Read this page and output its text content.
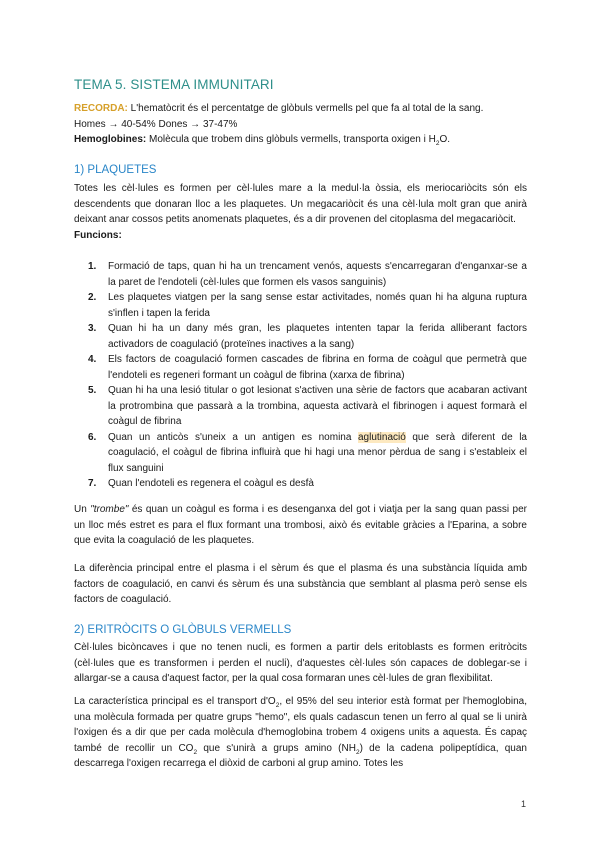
TEMA 5. SISTEMA IMMUNITARI
RECORDA: L'hematòcrit és el percentatge de glòbuls vermells pel que fa al total de la sang.
Homes → 40-54% Dones → 37-47%
Hemoglobines: Molècula que trobem dins glòbuls vermells, transporta oxigen i $H_2O$.
1) PLAQUETES
Totes les cèl·lules es formen per cèl·lules mare a la medul·la òssia, els meriocariòcits són els descendents que donaran lloc a les plaquetes. Un megacariòcit és una cèl·lula molt gran que anirà deixant anar cossos petits anomenats plaquetes, és a dir provenen del citoplasma del megacariòcit.
Funcions:
1. Formació de taps, quan hi ha un trencament venós, aquests s'encarregaran d'enganxar-se a la paret de l'endoteli (cèl·lules que formen els vasos sanguinis)
2. Les plaquetes viatgen per la sang sense estar activitades, només quan hi ha alguna ruptura s'inflen i tapen la ferida
3. Quan hi ha un dany més gran, les plaquetes intenten tapar la ferida alliberant factors activadors de coagulació (proteïnes inactives a la sang)
4. Els factors de coagulació formen cascades de fibrina en forma de coàgul que permetrà que l'endoteli es regeneri formant un coàgul de fibrina (xarxa de fibrina)
5. Quan hi ha una lesió titular o got lesionat s'activen una sèrie de factors que acabaran activant la protrombina que passarà a la trombina, aquesta activarà el fibrinogen i aquest formarà el coàgul de fibrina
6. Quan un anticòs s'uneix a un antigen es nomina aglutinació que serà diferent de la coagulació, el coàgul de fibrina influirà que hi hagi una menor pèrdua de sang i s'estableix el flux sanguini
7. Quan l'endoteli es regenera el coàgul es desfà
Un "trombe" és quan un coàgul es forma i es desenganxa del got i viatja per la sang quan passi per un lloc més estret es para el flux formant una trombosi, això és evitable gràcies a l'Eparina, a sobre que evita la coagulació de les plaquetes.
La diferència principal entre el plasma i el sèrum és que el plasma és una substància líquida amb factors de coagulació, en canvi és sèrum és una substància que semblant al plasma però sense els factors de coagulació.
2) ERITRÒCITS O GLÒBULS VERMELLS
Cèl·lules bicòncaves i que no tenen nucli, es formen a partir dels eritoblasts es formen eritròcits (cèl·lules que es transformen i perden el nucli), d'aquestes cèl·lules són capaces de doblegar-se i allargar-se a causa d'aquest factor, per la qual cosa formaran unes cèl·lules de gran flexibilitat.
La característica principal es el transport $d'O_2$, el 95% del seu interior està format per l'hemoglobina, una molècula formada per quatre grups "hemo", els quals cadascun tenen un ferro al qual se li unirà l'oxigen és a dir que per cada molècula d'hemoglobina trobem 4 oxigens units a aquesta. És capaç també de recollir un $CO_2$ que s'unirà a grups amino $(NH_2)$ de la cadena polipeptídica, quan descarrega l'oxigen recarrega el diòxid de carboni al grup amino. Totes les
1
